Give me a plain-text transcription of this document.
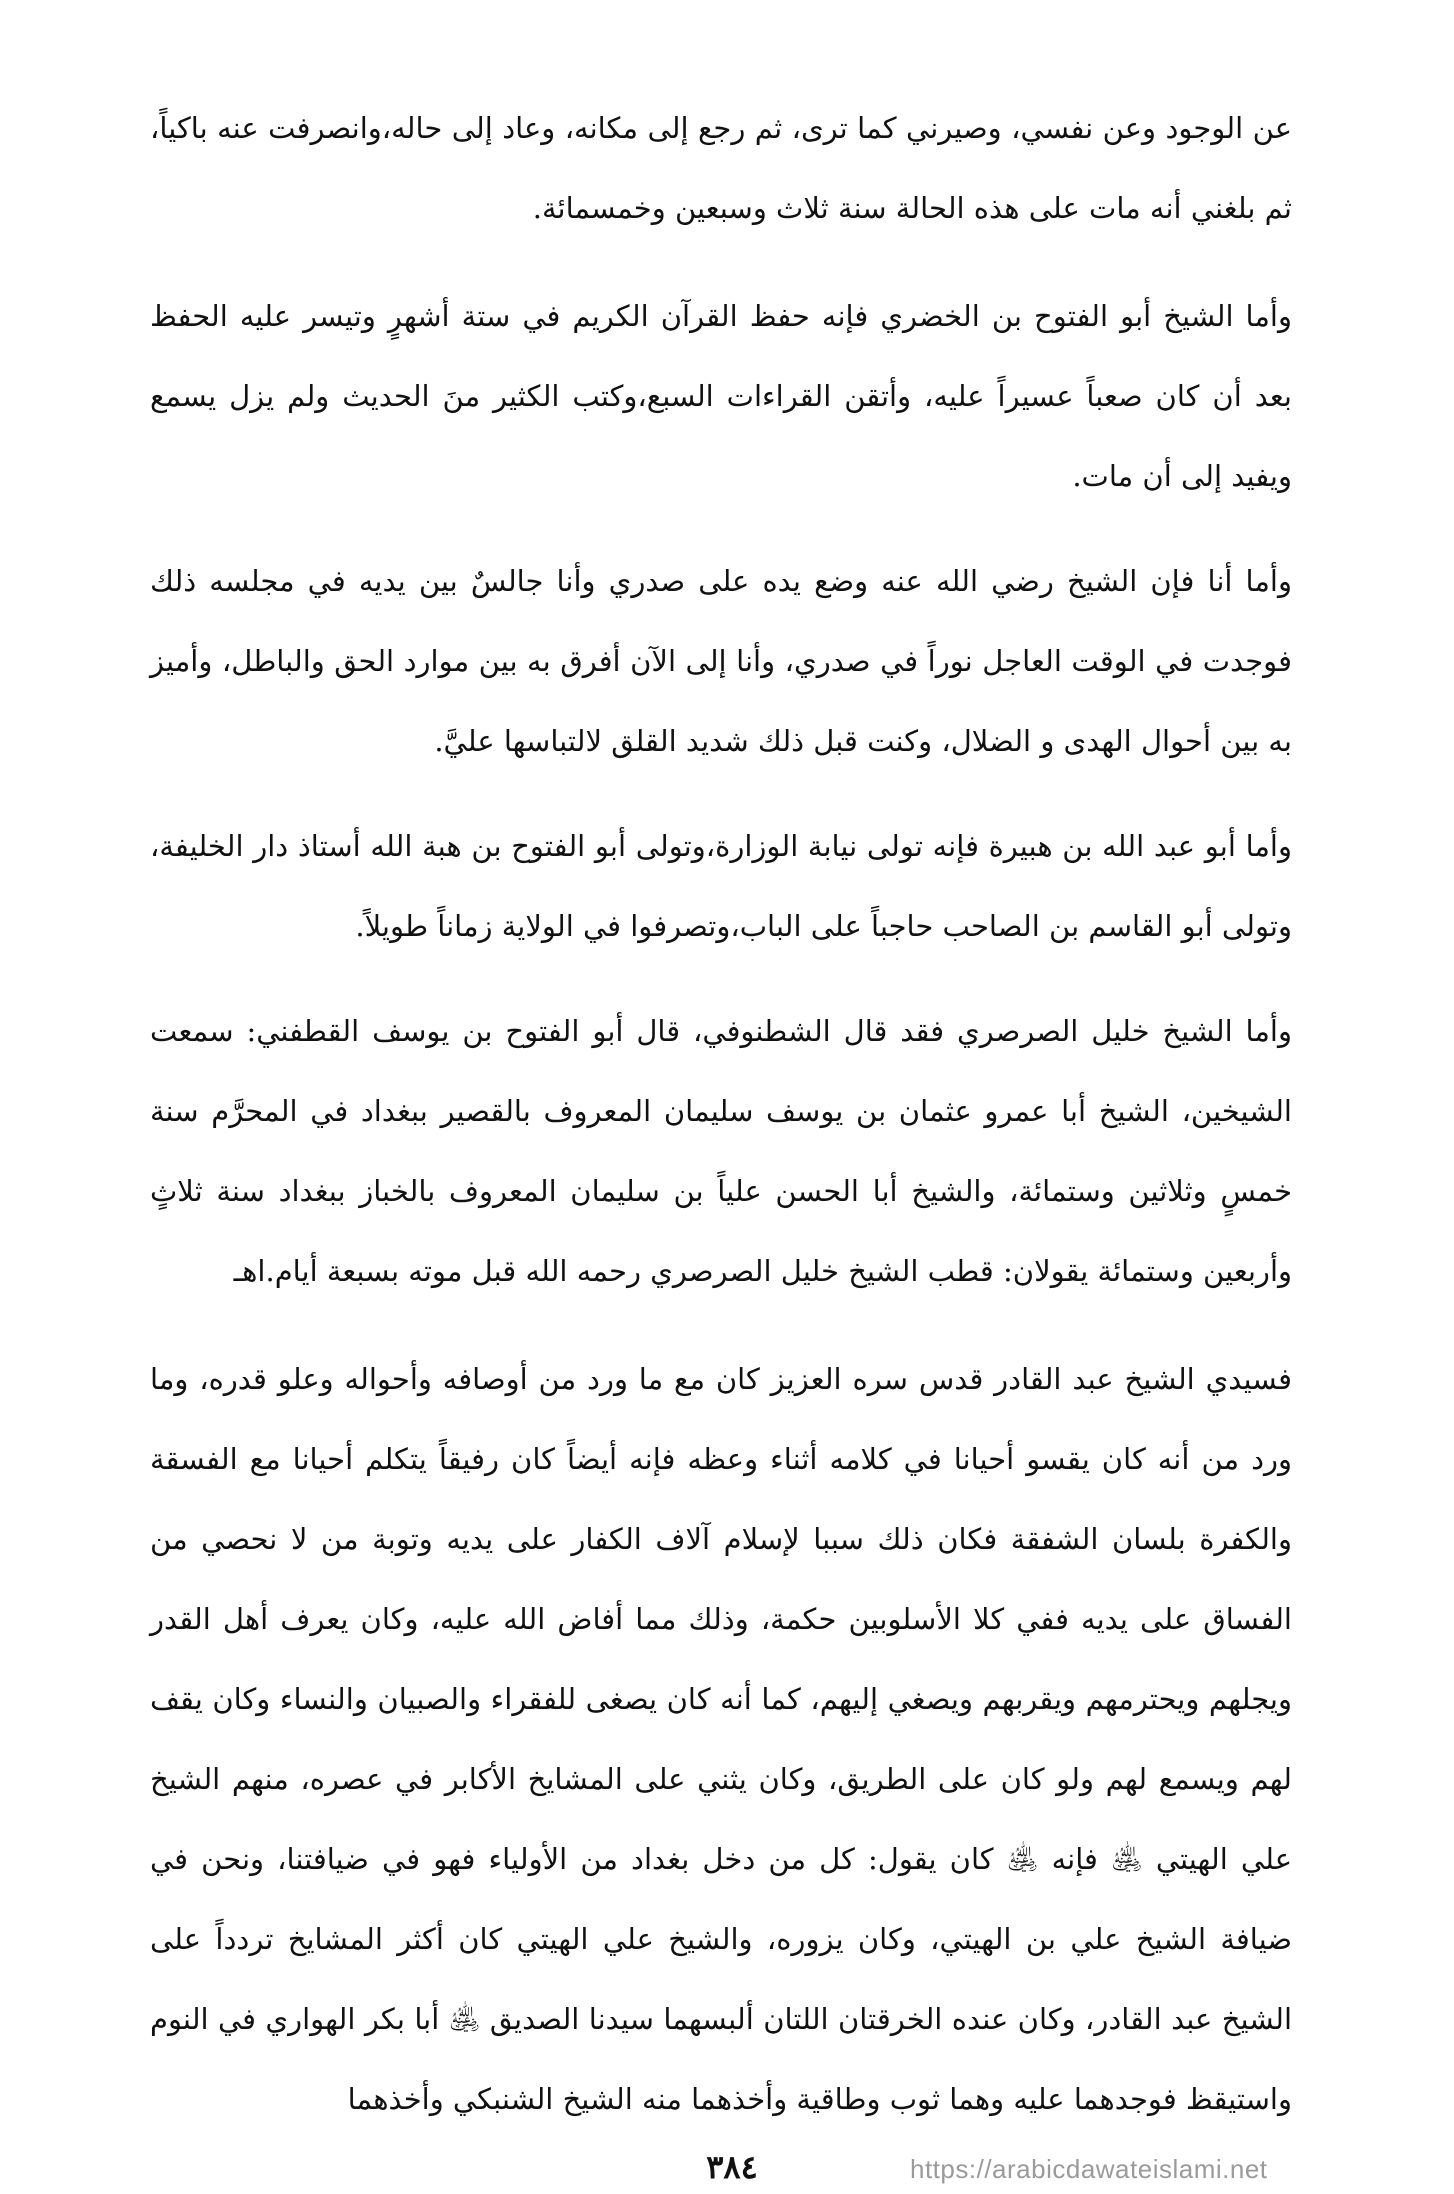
عن الوجود وعن نفسي، وصيرني كما ترى، ثم رجع إلى مكانه، وعاد إلى حاله،وانصرفت عنه باكياً، ثم بلغني أنه مات على هذه الحالة سنة ثلاث وسبعين وخمسمائة.

وأما الشيخ أبو الفتوح بن الخضري فإنه حفظ القرآن الكريم في ستة أشهرٍ وتيسر عليه الحفظ بعد أن كان صعباً عسيراً عليه، وأتقن القراءات السبع،وكتب الكثير منَ الحديث ولم يزل يسمع ويفيد إلى أن مات.

وأما أنا فإن الشيخ رضي الله عنه وضع يده على صدري وأنا جالسٌ بين يديه في مجلسه ذلك فوجدت في الوقت العاجل نوراً في صدري، وأنا إلى الآن أفرق به بين موارد الحق والباطل، وأميز به بين أحوال الهدى و الضلال، وكنت قبل ذلك شديد القلق لالتباسها عليَّ.

وأما أبو عبد الله بن هبيرة فإنه تولى نيابة الوزارة،وتولى أبو الفتوح بن هبة الله أستاذ دار الخليفة، وتولى أبو القاسم بن الصاحب حاجباً على الباب،وتصرفوا في الولاية زماناً طويلاً.

وأما الشيخ خليل الصرصري فقد قال الشطنوفي، قال أبو الفتوح بن يوسف القطفني: سمعت الشيخين، الشيخ أبا عمرو عثمان بن يوسف سليمان المعروف بالقصير ببغداد في المحرَّم سنة خمسٍ وثلاثين وستمائة، والشيخ أبا الحسن علياً بن سليمان المعروف بالخباز ببغداد سنة ثلاثٍ وأربعين وستمائة يقولان: قطب الشيخ خليل الصرصري رحمه الله قبل موته بسبعة أيام.اهـ

فسيدي الشيخ عبد القادر قدس سره العزيز كان مع ما ورد من أوصافه وأحواله وعلو قدره، وما ورد من أنه كان يقسو أحيانا في كلامه أثناء وعظه فإنه أيضاً كان رفيقاً يتكلم أحيانا مع الفسقة والكفرة بلسان الشفقة فكان ذلك سببا لإسلام آلاف الكفار على يديه وتوبة من لا نحصي من الفساق على يديه ففي كلا الأسلوبين حكمة، وذلك مما أفاض الله عليه، وكان يعرف أهل القدر ويجلهم ويحترمهم ويقربهم ويصغي إليهم، كما أنه كان يصغى للفقراء والصبيان والنساء وكان يقف لهم ويسمع لهم ولو كان على الطريق، وكان يثني على المشايخ الأكابر في عصره، منهم الشيخ علي الهيتي ﵁ فإنه ﵁ كان يقول: كل من دخل بغداد من الأولياء فهو في ضيافتنا، ونحن في ضيافة الشيخ علي بن الهيتي، وكان يزوره، والشيخ علي الهيتي كان أكثر المشايخ تردداً على الشيخ عبد القادر، وكان عنده الخرقتان اللتان ألبسهما سيدنا الصديق ﵁ أبا بكر الهواري في النوم واستيقظ فوجدهما عليه وهما ثوب وطاقية وأخذهما منه الشيخ الشنبكي وأخذهما

٣٨٤	https://arabicdawateislami.net
